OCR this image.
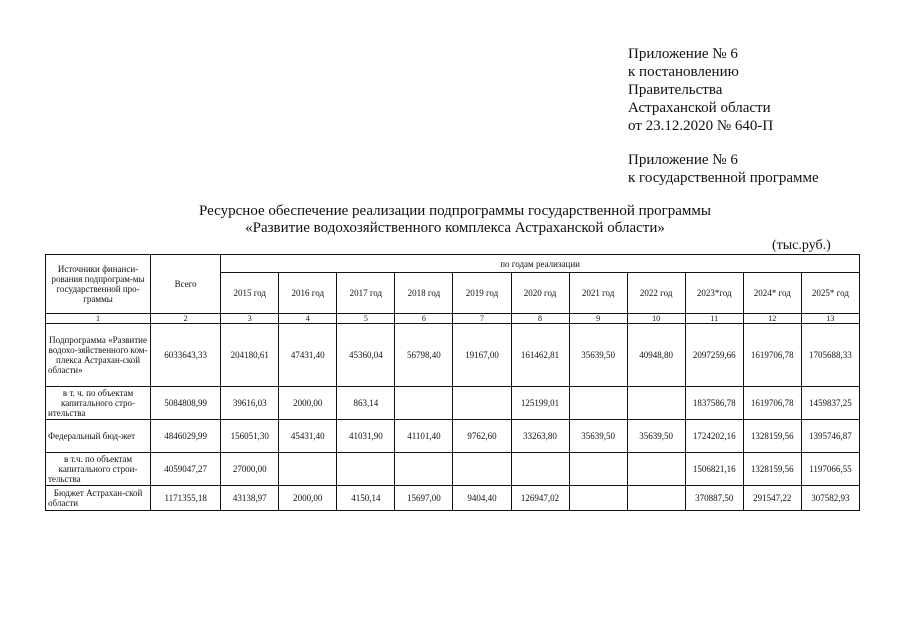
Приложение № 6
к постановлению
Правительства
Астраханской области
от 23.12.2020 № 640-П
Приложение № 6
к государственной программе
Ресурсное обеспечение реализации подпрограммы государственной программы
«Развитие водохозяйственного комплекса Астраханской области»
(тыс.руб.)
Источники финанси-рования подпрограм-мы государственной про-граммы	Всего	по годам реализации										
		2015 год	2016 год	2017 год	2018 год	2019 год	2020 год	2021 год	2022 год	2023*год	2024* год	2025* год
1	2	3	4	5	6	7	8	9	10	11	12	13
Подпрограмма «Развитие водохо-зяйственного ком-плекса Астрахан-ской области»	6033643,33	204180,61	47431,40	45360,04	56798,40	19167,00	161462,81	35639,50	40948,80	2097259,66	1619706,78	1705688,33
в т. ч. по объектам капитального стро-ительства	5084808,99	39616,03	2000,00	863,14			125199,01			1837586,78	1619706,78	1459837,25
Федеральный бюд-жет	4846029,99	156051,30	45431,40	41031,90	41101,40	9762,60	33263,80	35639,50	35639,50	1724202,16	1328159,56	1395746,87
в т.ч. по объектам капитального строи-тельства	4059047,27	27000,00								1506821,16	1328159,56	1197066,55
Бюджет Астрахан-ской области	1171355,18	43138,97	2000,00	4150,14	15697,00	9404,40	126947,02			370887,50	291547,22	307582,93
